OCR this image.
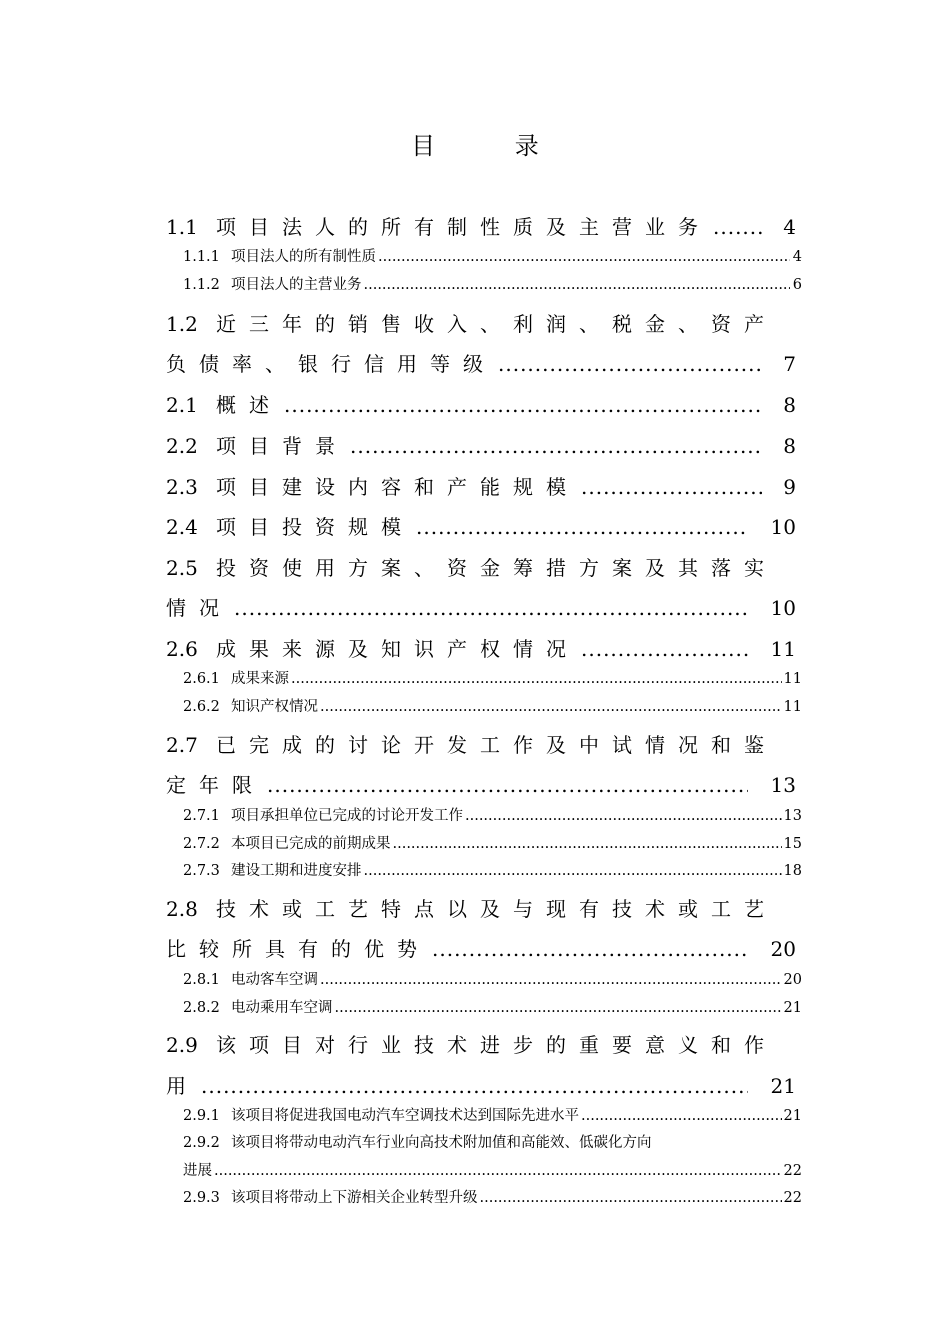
目 录
1.1 项目法人的所有制性质及主营业务 .....	4
1.1.1 项目法人的所有制性质 .....	4
1.1.2 项目法人的主营业务 .....	6
1.2 近三年的销售收入、利润、税金、资产
负债率、银行信用等级 .....	7
2.1 概述 .....	8
2.2 项目背景 .....	8
2.3 项目建设内容和产能规模 .....	9
2.4 项目投资规模 .....	10
2.5 投资使用方案、资金筹措方案及其落实
情况 .....	10
2.6 成果来源及知识产权情况 .....	11
2.6.1 成果来源 .....	11
2.6.2 知识产权情况 .....	11
2.7 已完成的讨论开发工作及中试情况和鉴
定年限 .....	13
2.7.1 项目承担单位已完成的讨论开发工作 .....	13
2.7.2 本项目已完成的前期成果 .....	15
2.7.3 建设工期和进度安排 .....	18
2.8 技术或工艺特点以及与现有技术或工艺
比较所具有的优势 .....	20
2.8.1 电动客车空调 .....	20
2.8.2 电动乘用车空调 .....	21
2.9 该项目对行业技术进步的重要意义和作
用 .....	21
2.9.1 该项目将促进我国电动汽车空调技术达到国际先进水平 .....	21
2.9.2 该项目将带动电动汽车行业向高技术附加值和高能效、低碳化方向
进展 .....	22
2.9.3 该项目将带动上下游相关企业转型升级 .....	22
